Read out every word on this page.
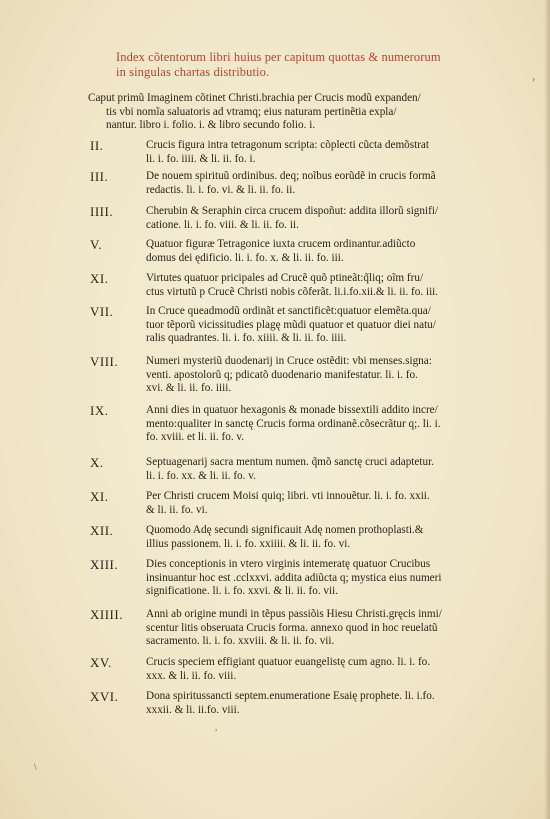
Index cõtentorum libri huius per capitum quottas & numerorum
in singulas chartas distributio.
Caput primũ Imaginem cõtinet Christi.brachia per Crucis modũ expanden/
tis vbi nomĩa saluatoris ad vtramq; eius naturam pertinẽtia expla/
nantur. libro i. folio. i. & libro secundo folio. i.
II.	Crucis figura intra tetragonum scripta: cõplecti cũcta demõstrat
li. i. fo. iiii. & li. ii. fo. i.
III.	De nouem spirituũ ordinibus. deq; noĩbus eorũdẽ in crucis formã
redactis. li. i. fo. vi. & li. ii. fo. ii.
IIII.	Cherubin & Seraphin circa crucem dispoñut: addita illorũ signifi/
catione. li. i. fo. viii. & li. ii. fo. ii.
V.	Quatuor figuræ Tetragonice iuxta crucem ordinantur.adiũcto
domus dei ędificio. li. i. fo. x. & li. ii. fo. iii.
XI.	Virtutes quatuor pricipales ad Crucẽ quõ ptineãt:q̃liq; oĩm fru/
ctus virtutũ p Crucẽ Christi nobis cõferãt. li.i.fo.xii.& li. ii. fo. iii.
VII.	In Cruce queadmodũ ordinãt et sanctificẽt:quatuor elemẽta.qua/
tuor tẽporũ vicissitudies plagę mũdi quatuor et quatuor diei natu/
ralis quadrantes. li. i. fo. xiiii. & li. ii. fo. iiii.
VIII. Numeri mysteriũ duodenarij in Cruce ostẽdit: vbi menses.signa:
venti. apostolorũ q; pdicatõ duodenario manifestatur. li. i. fo.
xvi. & li. ii. fo. iiii.
IX.	Anni dies in quatuor hexagonis & monade bissextili addito incre/
mento:qualiter in sanctę Crucis forma ordinanẽ.cõsecrãtur q;. li. i.
fo. xviii. et li. ii. fo. v.
X.	Septuagenarij sacra mentum numen. q̃mõ sanctę cruci adaptetur.
li. i. fo. xx. & li. ii. fo. v.
XI.	Per Christi crucem Moisi quiq; libri. vti innouẽtur. li. i. fo. xxii.
& li. ii. fo. vi.
XII.	Quomodo Adę secundi significauit Adę nomen prothoplasti.&
illius passionem. li. i. fo. xxiiii. & li. ii. fo. vi.
XIII. Dies conceptionis in vtero virginis intemeratę quatuor Crucibus
insinuantur hoc est .cclxxvi. addita adiũcta q; mystica eius numeri
significatione. li. i. fo. xxvi. & li. ii. fo. vii.
XIIII. Anni ab origine mundi in tẽpus passiõis Hiesu Christi.gręcis inmi/
scentur litis obseruata Crucis forma. annexo quod in hoc reuelatũ
sacramento. li. i. fo. xxviii. & li. ii. fo. vii.
XV.	Crucis speciem effigiant quatuor euangelistę cum agno. li. i. fo.
xxx. & li. ii. fo. viii.
XVI. Dona spiritussancti septem.enumeratione Esaię prophete. li. i.fo.
xxxii. & li. ii.fo. viii.
›
,
\
